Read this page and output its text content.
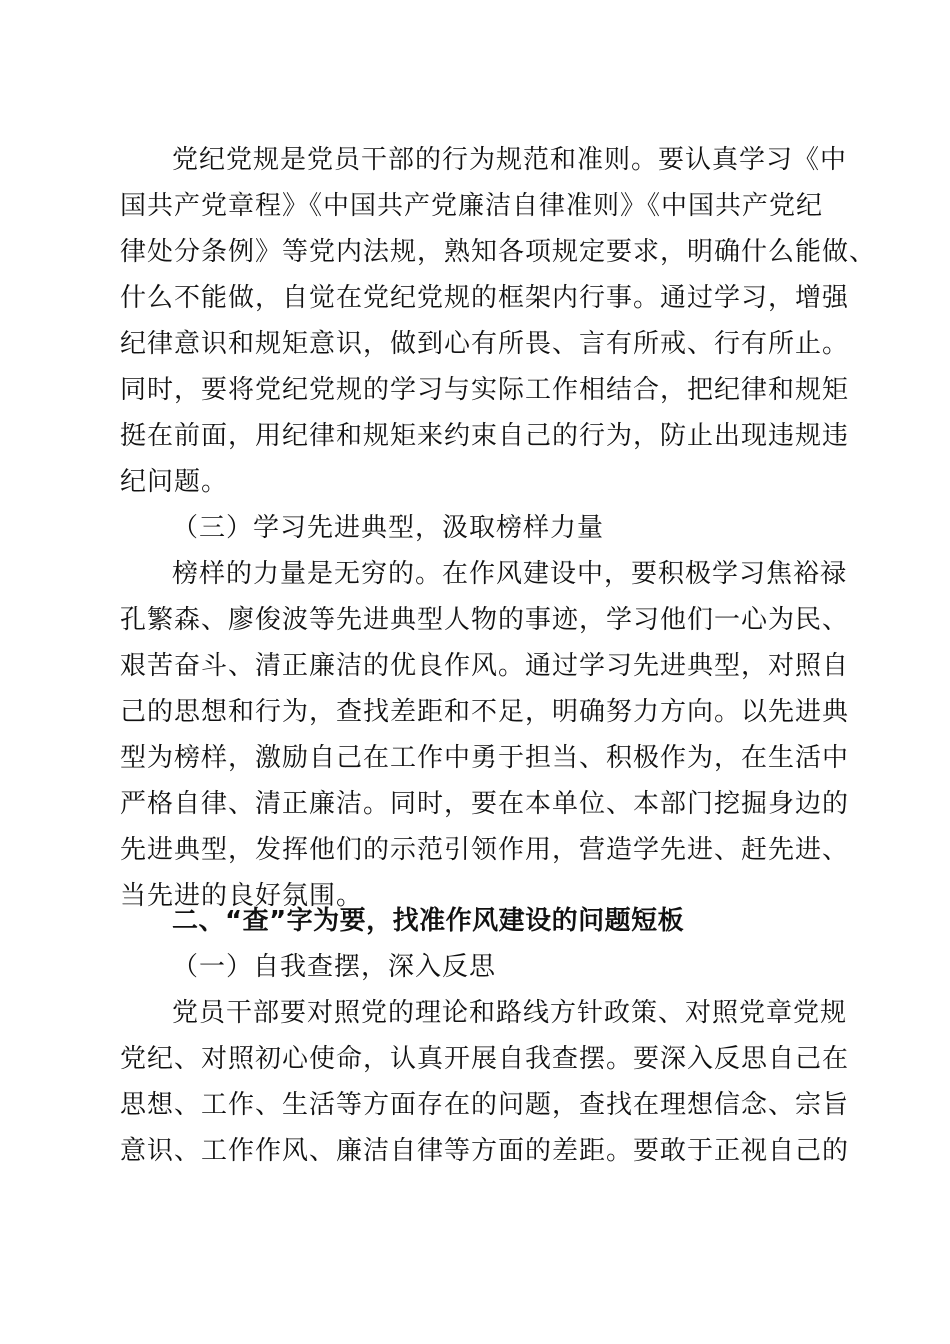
党纪党规是党员干部的行为规范和准则。要认真学习《中
国共产党章程》《中国共产党廉洁自律准则》《中国共产党纪
律处分条例》等党内法规，熟知各项规定要求，明确什么能做、
什么不能做，自觉在党纪党规的框架内行事。通过学习，增强
纪律意识和规矩意识，做到心有所畏、言有所戒、行有所止。
同时，要将党纪党规的学习与实际工作相结合，把纪律和规矩
挺在前面，用纪律和规矩来约束自己的行为，防止出现违规违
纪问题。
（三）学习先进典型，汲取榜样力量
榜样的力量是无穷的。在作风建设中，要积极学习焦裕禄
孔繁森、廖俊波等先进典型人物的事迹，学习他们一心为民、
艰苦奋斗、清正廉洁的优良作风。通过学习先进典型，对照自
己的思想和行为，查找差距和不足，明确努力方向。以先进典
型为榜样，激励自己在工作中勇于担当、积极作为，在生活中
严格自律、清正廉洁。同时，要在本单位、本部门挖掘身边的
先进典型，发挥他们的示范引领作用，营造学先进、赶先进、
当先进的良好氛围。
二、“查”字为要，找准作风建设的问题短板
（一）自我查摆，深入反思
党员干部要对照党的理论和路线方针政策、对照党章党规
党纪、对照初心使命，认真开展自我查摆。要深入反思自己在
思想、工作、生活等方面存在的问题，查找在理想信念、宗旨
意识、工作作风、廉洁自律等方面的差距。要敢于正视自己的
